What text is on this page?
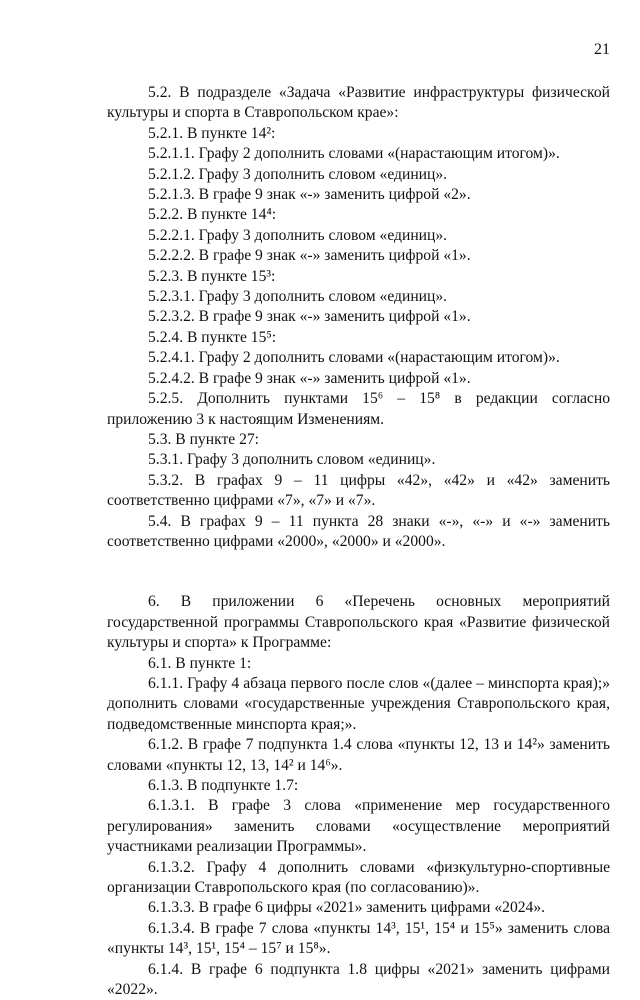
21

5.2. В подразделе «Задача «Развитие инфраструктуры физической культуры и спорта в Ставропольском крае»:

5.2.1. В пункте 14²:

5.2.1.1. Графу 2 дополнить словами «(нарастающим итогом)».

5.2.1.2. Графу 3 дополнить словом «единиц».

5.2.1.3. В графе 9 знак «-» заменить цифрой «2».

5.2.2. В пункте 14⁴:

5.2.2.1. Графу 3 дополнить словом «единиц».

5.2.2.2. В графе 9 знак «-» заменить цифрой «1».

5.2.3. В пункте 15³:

5.2.3.1. Графу 3 дополнить словом «единиц».

5.2.3.2. В графе 9 знак «-» заменить цифрой «1».

5.2.4. В пункте 15⁵:

5.2.4.1. Графу 2 дополнить словами «(нарастающим итогом)».

5.2.4.2. В графе 9 знак «-» заменить цифрой «1».

5.2.5. Дополнить пунктами 15⁶ – 15⁸ в редакции согласно приложению 3 к настоящим Изменениям.

5.3. В пункте 27:

5.3.1. Графу 3 дополнить словом «единиц».

5.3.2. В графах 9 – 11 цифры «42», «42» и «42» заменить соответственно цифрами «7», «7» и «7».

5.4. В графах 9 – 11 пункта 28 знаки «-», «-» и «-» заменить соответственно цифрами «2000», «2000» и «2000».

6. В приложении 6 «Перечень основных мероприятий государственной программы Ставропольского края «Развитие физической культуры и спорта» к Программе:

6.1. В пункте 1:

6.1.1. Графу 4 абзаца первого после слов «(далее – минспорта края);» дополнить словами «государственные учреждения Ставропольского края, подведомственные минспорта края;».

6.1.2. В графе 7 подпункта 1.4 слова «пункты 12, 13 и 14²» заменить словами «пункты 12, 13, 14² и 14⁶».

6.1.3. В подпункте 1.7:

6.1.3.1. В графе 3 слова «применение мер государственного регулирования» заменить словами «осуществление мероприятий участниками реализации Программы».

6.1.3.2. Графу 4 дополнить словами «физкультурно-спортивные организации Ставропольского края (по согласованию)».

6.1.3.3. В графе 6 цифры «2021» заменить цифрами «2024».

6.1.3.4. В графе 7 слова «пункты 14³, 15¹, 15⁴ и 15⁵» заменить слова «пункты 14³, 15¹, 15⁴ – 15⁷ и 15⁸».

6.1.4. В графе 6 подпункта 1.8 цифры «2021» заменить цифрами «2022».
